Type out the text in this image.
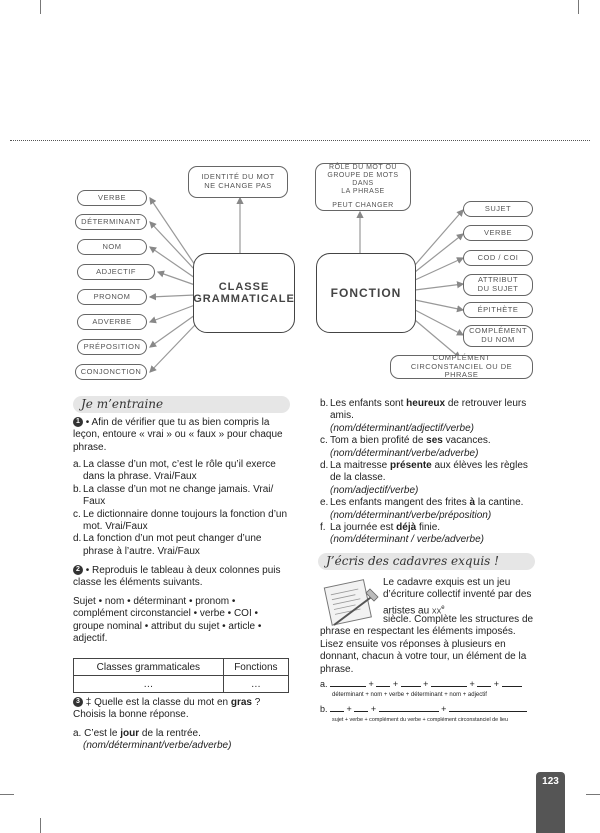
IDENTITÉ DU MOT NE CHANGE PAS
RÔLE DU MOT OU
GROUPE DE MOTS DANS
LA PHRASE
PEUT CHANGER
CLASSE
GRAMMATICALE	FONCTION
VERBE
DÉTERMINANT
NOM
ADJECTIF
PRONOM
ADVERBE
PRÉPOSITION
CONJONCTION
SUJET
VERBE
COD / COI
ATTRIBUT DU SUJET
ÉPITHÈTE
COMPLÉMENT DU NOM
COMPLÉMENT CIRCONSTANCIEL OU DE PHRASE
Je m’entraine
1 • Afin de vérifier que tu as bien compris la leçon, entoure « vrai » ou « faux » pour chaque phrase.
a. La classe d’un mot, c’est le rôle qu’il exerce dans la phrase. Vrai/Faux
b. La classe d’un mot ne change jamais. Vrai/ Faux
c. Le dictionnaire donne toujours la fonction d’un mot. Vrai/Faux
d. La fonction d’un mot peut changer d’une phrase à l’autre. Vrai/Faux
2 • Reproduis le tableau à deux colonnes puis classe les éléments suivants.
Sujet • nom • déterminant • pronom • complément circonstanciel • verbe • COI • groupe nominal • attribut du sujet • article • adjectif.
Classes grammaticales	Fonctions
…	…
3 ‡ Quelle est la classe du mot en gras ? Choisis la bonne réponse.
a. C’est le jour de la rentrée.
(nom/déterminant/verbe/adverbe)
b. Les enfants sont heureux de retrouver leurs amis.
(nom/déterminant/adjectif/verbe)
c. Tom a bien profité de ses vacances.
(nom/déterminant/verbe/adverbe)
d. La maitresse présente aux élèves les règles de la classe.
(nom/adjectif/verbe)
e. Les enfants mangent des frites à la cantine.
(nom/déterminant/verbe/préposition)
f. La journée est déjà finie.
(nom/déterminant / verbe/adverbe)
J’écris des cadavres exquis !
Le cadavre exquis est un jeu d’écriture collectif inventé par des artistes au $xx^e$
siècle. Complète les structures de phrase en respectant les éléments imposés. Lisez ensuite vos réponses à plusieurs en donnant, chacun à votre tour, un élément de la phrase.
a.	+ +	+	+ +
déterminant + nom + verbe + déterminant + nom + adjectif
b. + +	+
sujet + verbe + complément du verbe + complément circonstanciel de lieu
123
